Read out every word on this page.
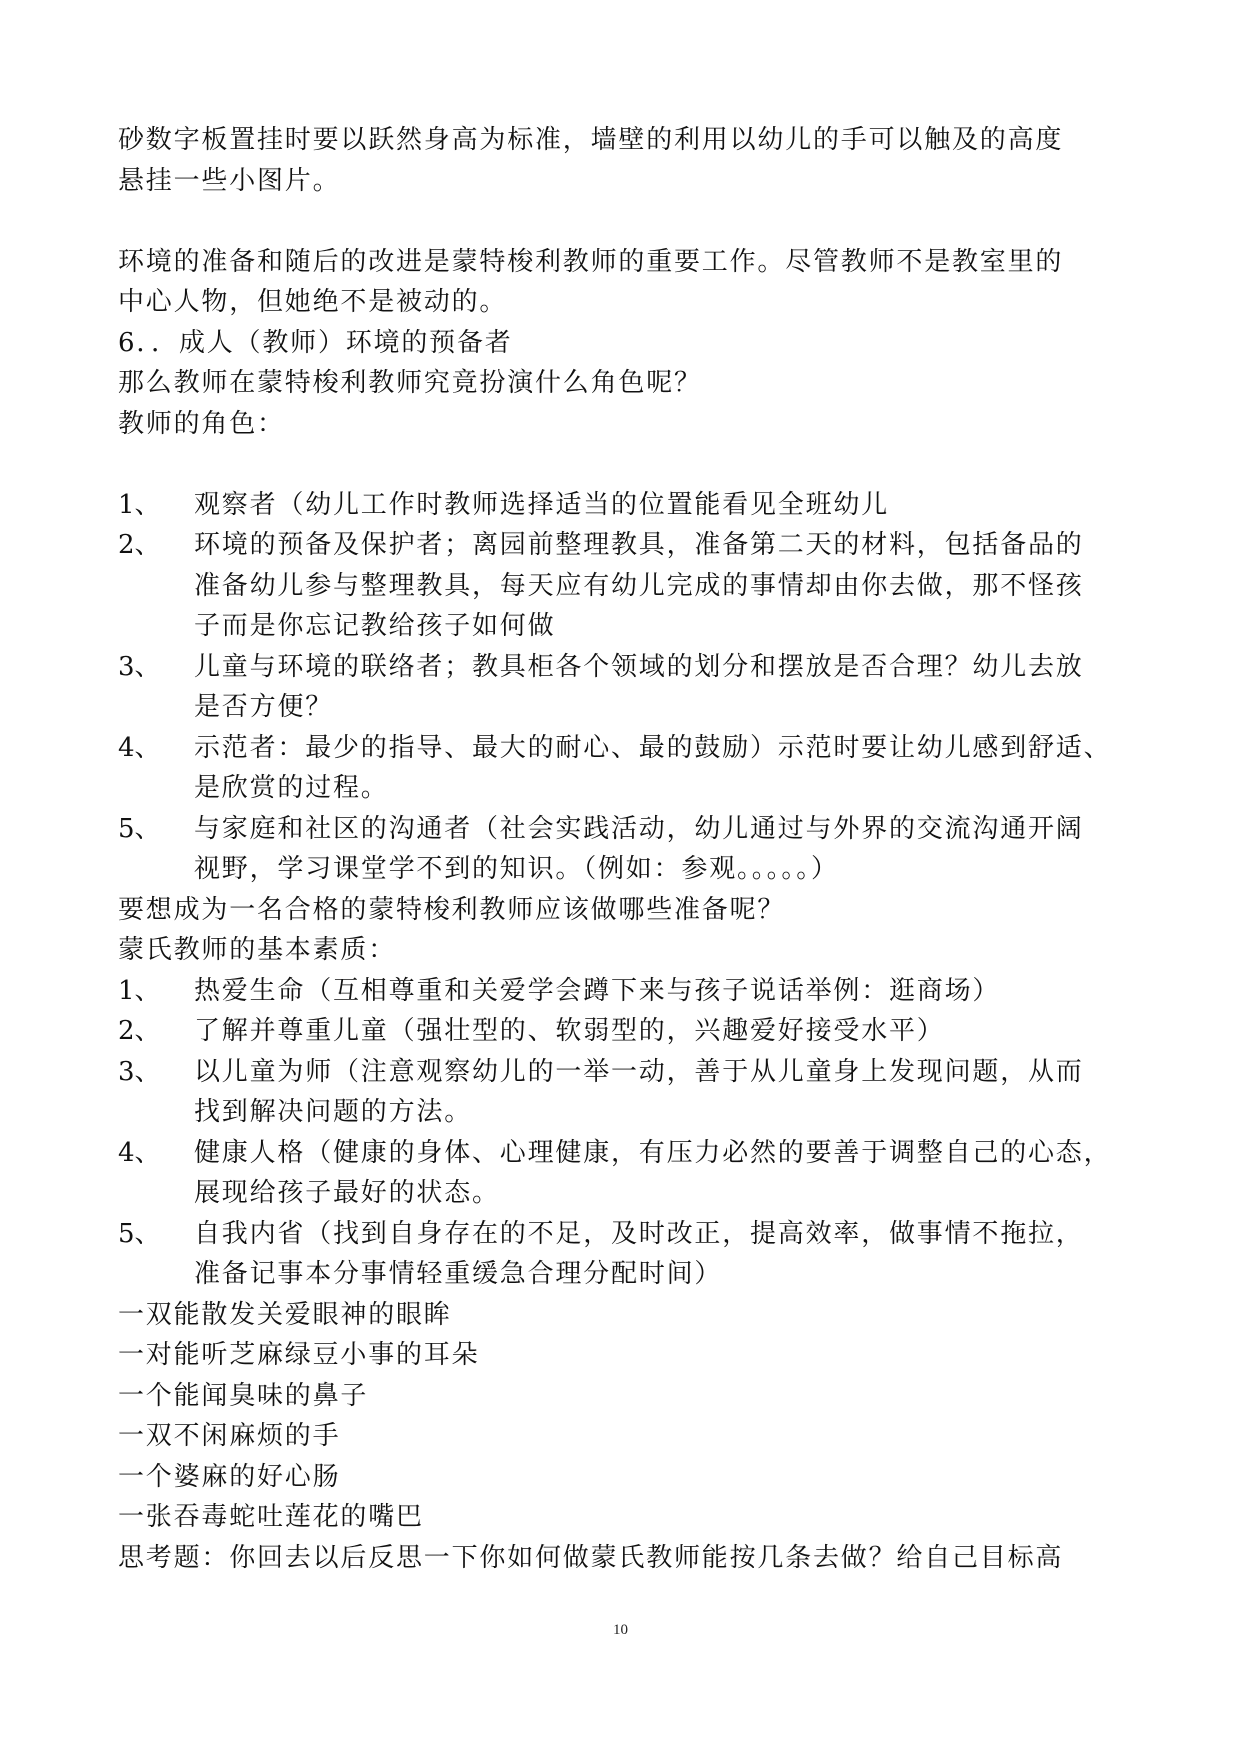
砂数字板置挂时要以跃然身高为标准，墙壁的利用以幼儿的手可以触及的高度
悬挂一些小图片。
环境的准备和随后的改进是蒙特梭利教师的重要工作。尽管教师不是教室里的
中心人物，但她绝不是被动的。
6．．成人（教师）环境的预备者
那么教师在蒙特梭利教师究竟扮演什么角色呢？
教师的角色：
1、	观察者（幼儿工作时教师选择适当的位置能看见全班幼儿
2、	环境的预备及保护者；离园前整理教具，准备第二天的材料，包括备品的
准备幼儿参与整理教具，每天应有幼儿完成的事情却由你去做，那不怪孩
子而是你忘记教给孩子如何做
3、	儿童与环境的联络者；教具柜各个领域的划分和摆放是否合理？幼儿去放
是否方便？
4、	示范者：最少的指导、最大的耐心、最的鼓励）示范时要让幼儿感到舒适、
是欣赏的过程。
5、	与家庭和社区的沟通者（社会实践活动，幼儿通过与外界的交流沟通开阔
视野，学习课堂学不到的知识。（例如：参观。。。。。）
要想成为一名合格的蒙特梭利教师应该做哪些准备呢？
蒙氏教师的基本素质：
1、	热爱生命（互相尊重和关爱学会蹲下来与孩子说话举例：逛商场）
2、	了解并尊重儿童（强壮型的、软弱型的，兴趣爱好接受水平）
3、	以儿童为师（注意观察幼儿的一举一动，善于从儿童身上发现问题，从而
找到解决问题的方法。
4、	健康人格（健康的身体、心理健康，有压力必然的要善于调整自己的心态，
展现给孩子最好的状态。
5、	自我内省（找到自身存在的不足，及时改正，提高效率，做事情不拖拉，
准备记事本分事情轻重缓急合理分配时间）
一双能散发关爱眼神的眼眸
一对能听芝麻绿豆小事的耳朵
一个能闻臭味的鼻子
一双不闲麻烦的手
一个婆麻的好心肠
一张吞毒蛇吐莲花的嘴巴
思考题：你回去以后反思一下你如何做蒙氏教师能按几条去做？给自己目标高
10
